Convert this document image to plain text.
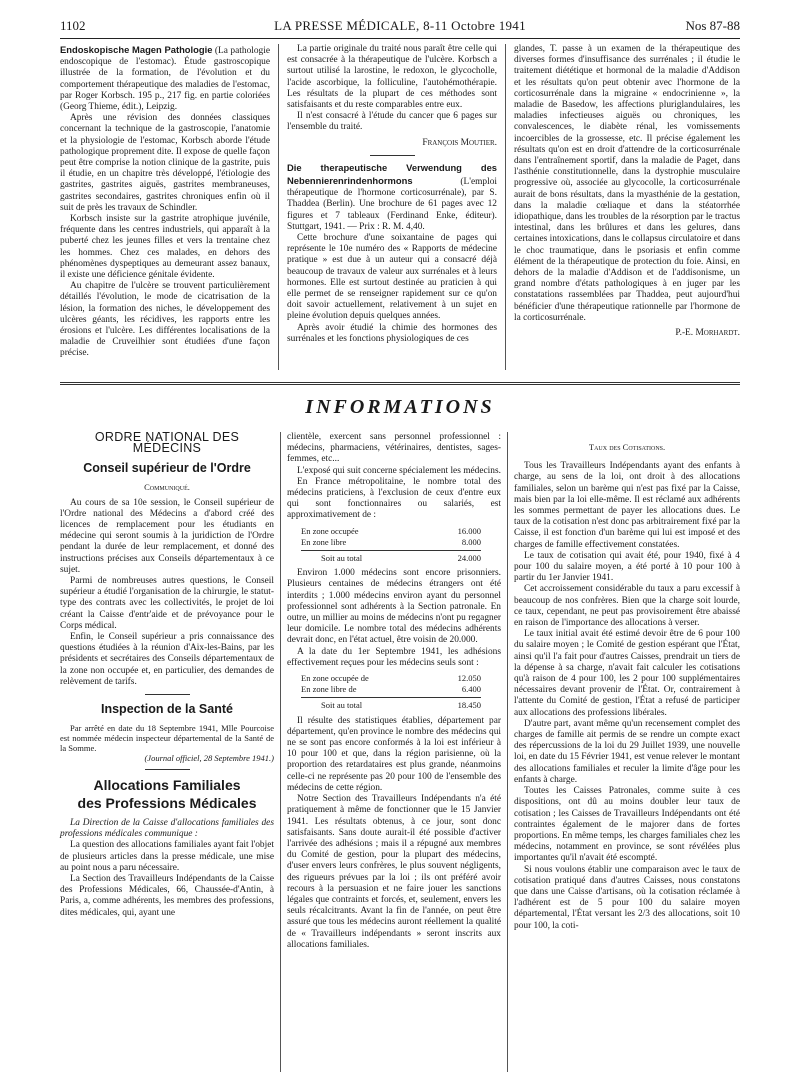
1102	LA PRESSE MÉDICALE, 8-11 Octobre 1941	Nos 87-88

Endoskopische Magen Pathologie (La pathologie endoscopique de l'estomac). Étude gastroscopique illustrée de la formation, de l'évolution et du comportement thérapeutique des maladies de l'estomac, par Roger Korbsch. 195 p., 217 fig. en partie coloriées (Georg Thieme, édit.), Leipzig.

Après une révision des données classiques concernant la technique de la gastroscopie, l'anatomie et la physiologie de l'estomac, Korbsch aborde l'étude pathologique proprement dite. Il expose de quelle façon peut être comprise la notion clinique de la gastrite, puis il étudie, en un chapitre très développé, l'étiologie des gastrites, gastrites aiguës, gastrites membraneuses, gastrites secondaires, gastrites chroniques enfin où il suit de près les travaux de Schindler.

Korbsch insiste sur la gastrite atrophique juvénile, fréquente dans les centres industriels, qui apparaît à la puberté chez les jeunes filles et vers la trentaine chez les hommes. Chez ces malades, en dehors des phénomènes dyspeptiques au demeurant assez banaux, il existe une déficience génitale évidente.

Au chapitre de l'ulcère se trouvent particulièrement détaillés l'évolution, le mode de cicatrisation de la lésion, la formation des niches, le développement des ulcères géants, les récidives, les rapports entre les érosions et l'ulcère. Les différentes localisations de la maladie de Cruveilhier sont étudiées d'une façon précise.

La partie originale du traité nous paraît être celle qui est consacrée à la thérapeutique de l'ulcère. Korbsch a surtout utilisé la larostine, le redoxon, le glycocholle, l'acide ascorbique, la folliculine, l'autohémothérapie. Les résultats de la plupart de ces méthodes sont satisfaisants et du reste comparables entre eux.

Il n'est consacré à l'étude du cancer que 6 pages sur l'ensemble du traité.

François Moutier.

Die therapeutische Verwendung des Nebennierenrindenhormons (L'emploi thérapeutique de l'hormone corticosurrénale), par S. Thaddea (Berlin). Une brochure de 61 pages avec 12 figures et 7 tableaux (Ferdinand Enke, éditeur). Stuttgart, 1941. — Prix : R. M. 4,40.

Cette brochure d'une soixantaine de pages qui représente le 10e numéro des « Rapports de médecine pratique » est due à un auteur qui a consacré déjà beaucoup de travaux de valeur aux surrénales et à leurs hormones. Elle est surtout destinée au praticien à qui elle permet de se renseigner rapidement sur ce qu'on doit savoir actuellement, relativement à un sujet en pleine évolution depuis quelques années.

Après avoir étudié la chimie des hormones des surrénales et les fonctions physiologiques de ces

glandes, T. passe à un examen de la thérapeutique des diverses formes d'insuffisance des surrénales ; il étudie le traitement diététique et hormonal de la maladie d'Addison et les résultats qu'on peut obtenir avec l'hormone de la corticosurrénale dans la migraine « endocrinienne », la maladie de Basedow, les affections pluriglandulaires, les maladies infectieuses aiguës ou chroniques, les convalescences, le diabète rénal, les vomissements incoercibles de la grossesse, etc. Il précise également les résultats qu'on est en droit d'attendre de la corticosurrénale dans l'entraînement sportif, dans la maladie de Paget, dans l'asthénie constitutionnelle, dans la dystrophie musculaire progressive où, associée au glycocolle, la corticosurrénale aurait de bons résultats, dans la myasthénie de la gestation, dans la maladie cœliaque et dans la stéatorrhée idiopathique, dans les troubles de la résorption par le tractus intestinal, dans les brûlures et dans les gelures, dans certaines intoxications, dans le collapsus circulatoire et dans le choc traumatique, dans le psoriasis et enfin comme élément de la thérapeutique de protection du foie. Ainsi, en dehors de la maladie d'Addison et de l'addisonisme, un grand nombre d'états pathologiques à en juger par les constatations rassemblées par Thaddea, peut aujourd'hui bénéficier d'une thérapeutique rationnelle par l'hormone de la corticosurrénale.

P.-E. Morhardt.
INFORMATIONS
ORDRE NATIONAL DES MÉDECINS
Conseil supérieur de l'Ordre
Communiqué.

Au cours de sa 10e session, le Conseil supérieur de l'Ordre national des Médecins a d'abord créé des licences de remplacement pour les étudiants en médecine qui seront soumis à la juridiction de l'Ordre pendant la durée de leur remplacement, et donné des instructions précises aux Conseils départementaux à ce sujet.

Parmi de nombreuses autres questions, le Conseil supérieur a étudié l'organisation de la chirurgie, le statut-type des contrats avec les collectivités, le projet de loi créant la Caisse d'entr'aide et de prévoyance pour le Corps médical.

Enfin, le Conseil supérieur a pris connaissance des questions étudiées à la réunion d'Aix-les-Bains, par les présidents et secrétaires des Conseils départementaux de la zone non occupée et, en particulier, des demandes de relèvement de tarifs.

Inspection de la Santé

Par arrêté en date du 18 Septembre 1941, Mlle Pourcoise est nommée médecin inspecteur départemental de la Santé de la Somme.

(Journal officiel, 28 Septembre 1941.)
Allocations Familiales
des Professions Médicales

La Direction de la Caisse d'allocations familiales des professions médicales communique :

La question des allocations familiales ayant fait l'objet de plusieurs articles dans la presse médicale, une mise au point nous a paru nécessaire.

La Section des Travailleurs Indépendants de la Caisse des Professions Médicales, 66, Chaussée-d'Antin, à Paris, a, comme adhérents, les membres des professions, dites médicales, qui, ayant une

clientèle, exercent sans personnel professionnel : médecins, pharmaciens, vétérinaires, dentistes, sages-femmes, etc...

L'exposé qui suit concerne spécialement les médecins.

En France métropolitaine, le nombre total des médecins praticiens, à l'exclusion de ceux d'entre eux qui sont fonctionnaires ou salariés, est approximativement de :

En zone occupée	16.000
En zone libre	8.000
Soit au total	24.000

Environ 1.000 médecins sont encore prisonniers. Plusieurs centaines de médecins étrangers ont été interdits ; 1.000 médecins environ ayant du personnel professionnel sont adhérents à la Section patronale. En outre, un millier au moins de médecins n'ont pu regagner leur domicile. Le nombre total des médecins adhérents devrait donc, en l'état actuel, être voisin de 20.000.

A la date du 1er Septembre 1941, les adhésions effectivement reçues pour les médecins seuls sont :

En zone occupée de	12.050
En zone libre de	6.400
Soit au total	18.450

Il résulte des statistiques établies, département par département, qu'en province le nombre des médecins qui ne se sont pas encore conformés à la loi est inférieur à 10 pour 100 et que, dans la région parisienne, où la proportion des retardataires est plus grande, néanmoins celle-ci ne représente pas 20 pour 100 de l'ensemble des médecins de cette région.

Notre Section des Travailleurs Indépendants n'a été pratiquement à même de fonctionner que le 15 Janvier 1941. Les résultats obtenus, à ce jour, sont donc satisfaisants. Sans doute aurait-il été possible d'activer l'arrivée des adhésions ; mais il a répugné aux membres du Comité de gestion, pour la plupart des médecins, d'user envers leurs confrères, le plus souvent négligents, des rigueurs prévues par la loi ; ils ont préféré avoir recours à la persuasion et ne faire jouer les sanctions légales que contraints et forcés, et, seulement, envers les seuls récalcitrants. Avant la fin de l'année, on peut être assuré que tous les médecins auront réellement la qualité de « Travailleurs indépendants » seront inscrits aux allocations familiales.

Taux des Cotisations.

Tous les Travailleurs Indépendants ayant des enfants à charge, au sens de la loi, ont droit à des allocations familiales, selon un barème qui n'est pas fixé par la Caisse, mais bien par la loi elle-même. Il est réclamé aux adhérents les sommes permettant de payer les allocations dues. Le taux de la cotisation n'est donc pas arbitrairement fixé par la Caisse, il est fonction d'un barème qui lui est imposé et des charges de famille effectivement constatées.

Le taux de cotisation qui avait été, pour 1940, fixé à 4 pour 100 du salaire moyen, a été porté à 10 pour 100 à partir du 1er Janvier 1941.

Cet accroissement considérable du taux a paru excessif à beaucoup de nos confrères. Bien que la charge soit lourde, ce taux, cependant, ne peut pas provisoirement être abaissé en raison de l'importance des allocations à verser.

Le taux initial avait été estimé devoir être de 6 pour 100 du salaire moyen ; le Comité de gestion espérant que l'État, ainsi qu'il l'a fait pour d'autres Caisses, prendrait un tiers de la dépense à sa charge, n'avait fait calculer les cotisations qu'à raison de 4 pour 100, les 2 pour 100 supplémentaires nécessaires devant provenir de l'État. Or, contrairement à l'attente du Comité de gestion, l'État a refusé de participer aux allocations des professions libérales.

D'autre part, avant même qu'un recensement complet des charges de famille ait permis de se rendre un compte exact des répercussions de la loi du 29 Juillet 1939, une nouvelle loi, en date du 15 Février 1941, est venue relever le montant des allocations familiales et reculer la limite d'âge pour les enfants à charge.

Toutes les Caisses Patronales, comme suite à ces dispositions, ont dû au moins doubler leur taux de cotisation ; les Caisses de Travailleurs Indépendants ont été contraintes également de le majorer dans de fortes proportions. En même temps, les charges familiales chez les médecins, notamment en province, se sont révélées plus importantes qu'il n'avait été escompté.

Si nous voulons établir une comparaison avec le taux de cotisation pratiqué dans d'autres Caisses, nous constatons que dans une Caisse d'artisans, où la cotisation réclamée à l'adhérent est de 5 pour 100 du salaire moyen départemental, l'État versant les 2/3 des allocations, soit 10 pour 100, la coti-
